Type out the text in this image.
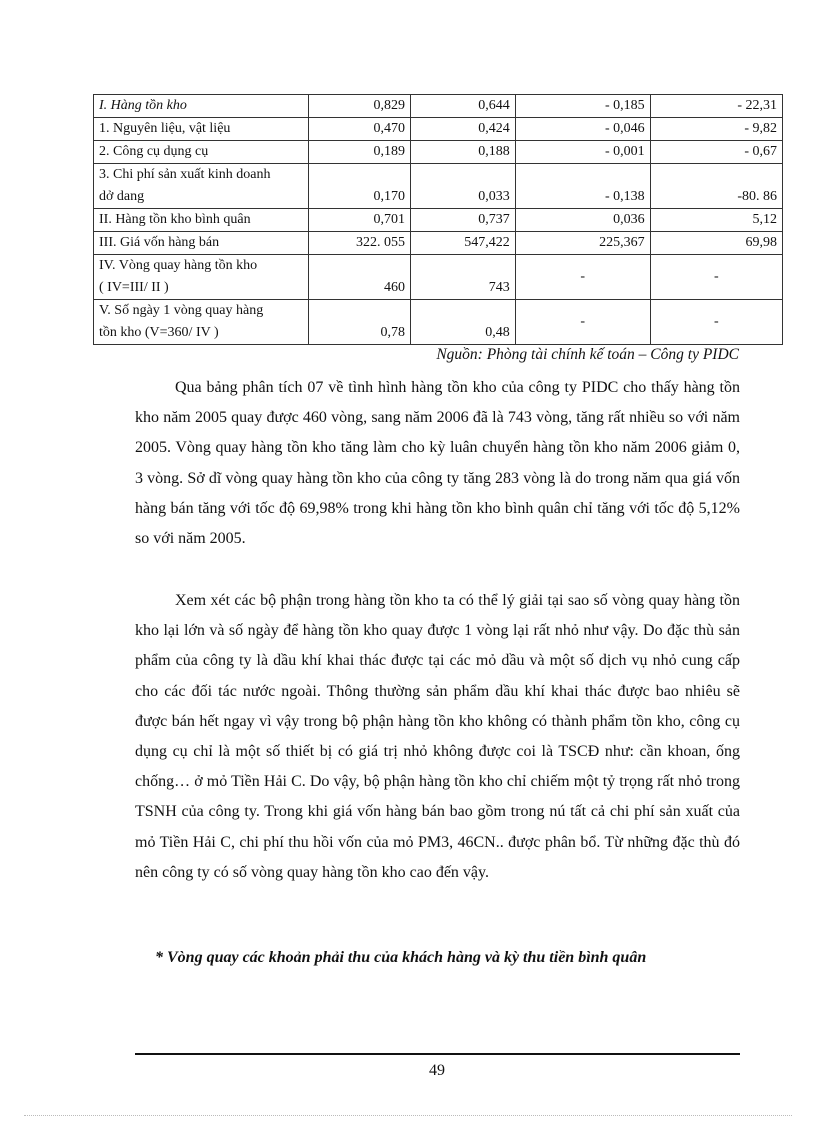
I. Hàng tồn kho	0,829	0,644	- 0,185	- 22,31
1. Nguyên liệu, vật liệu	0,470	0,424	- 0,046	- 9,82
2. Công cụ dụng cụ	0,189	0,188	- 0,001	- 0,67

3. Chi phí sản xuất kinh doanh
dở dang	0,170	0,033	- 0,138	-80. 86
II. Hàng tồn kho bình quân	0,701	0,737	0,036	5,12
III. Giá vốn hàng bán	322. 055	547,422	225,367	69,98

IV. Vòng quay hàng tồn kho
( IV=III/ II )	460	743	-	-

V. Số ngày 1 vòng quay hàng
tồn kho (V=360/ IV )	0,78	0,48	-	-
Nguồn: Phòng tài chính kế toán – Công ty PIDC

Qua bảng phân tích 07 về tình hình hàng tồn kho của công ty PIDC cho thấy hàng tồn kho năm 2005 quay được 460 vòng, sang năm 2006 đã là 743 vòng, tăng rất nhiều so với năm 2005. Vòng quay hàng tồn kho tăng làm cho kỳ luân chuyển hàng tồn kho năm 2006 giảm 0, 3 vòng. Sở dĩ vòng quay hàng tồn kho của công ty tăng 283 vòng là do trong năm qua giá vốn hàng bán tăng với tốc độ 69,98% trong khi hàng tồn kho bình quân chỉ tăng với tốc độ 5,12% so với năm 2005.

Xem xét các bộ phận trong hàng tồn kho ta có thể lý giải tại sao số vòng quay hàng tồn kho lại lớn và số ngày để hàng tồn kho quay được 1 vòng lại rất nhỏ như vậy. Do đặc thù sản phẩm của công ty là dầu khí khai thác được tại các mỏ dầu và một số dịch vụ nhỏ cung cấp cho các đối tác nước ngoài. Thông thường sản phẩm dầu khí khai thác được bao nhiêu sẽ được bán hết ngay vì vậy trong bộ phận hàng tồn kho không có thành phẩm tồn kho, công cụ dụng cụ chỉ là một số thiết bị có giá trị nhỏ không được coi là TSCĐ như: cần khoan, ống chống… ở mỏ Tiền Hải C. Do vậy, bộ phận hàng tồn kho chỉ chiếm một tỷ trọng rất nhỏ trong TSNH của công ty. Trong khi giá vốn hàng bán bao gồm trong nú tất cả chi phí sản xuất của mỏ Tiền Hải C, chi phí thu hồi vốn của mỏ PM3, 46CN.. được phân bổ. Từ những đặc thù đó nên công ty có số vòng quay hàng tồn kho cao đến vậy.

* Vòng quay các khoản phải thu của khách hàng và kỳ thu tiền bình quân
49
